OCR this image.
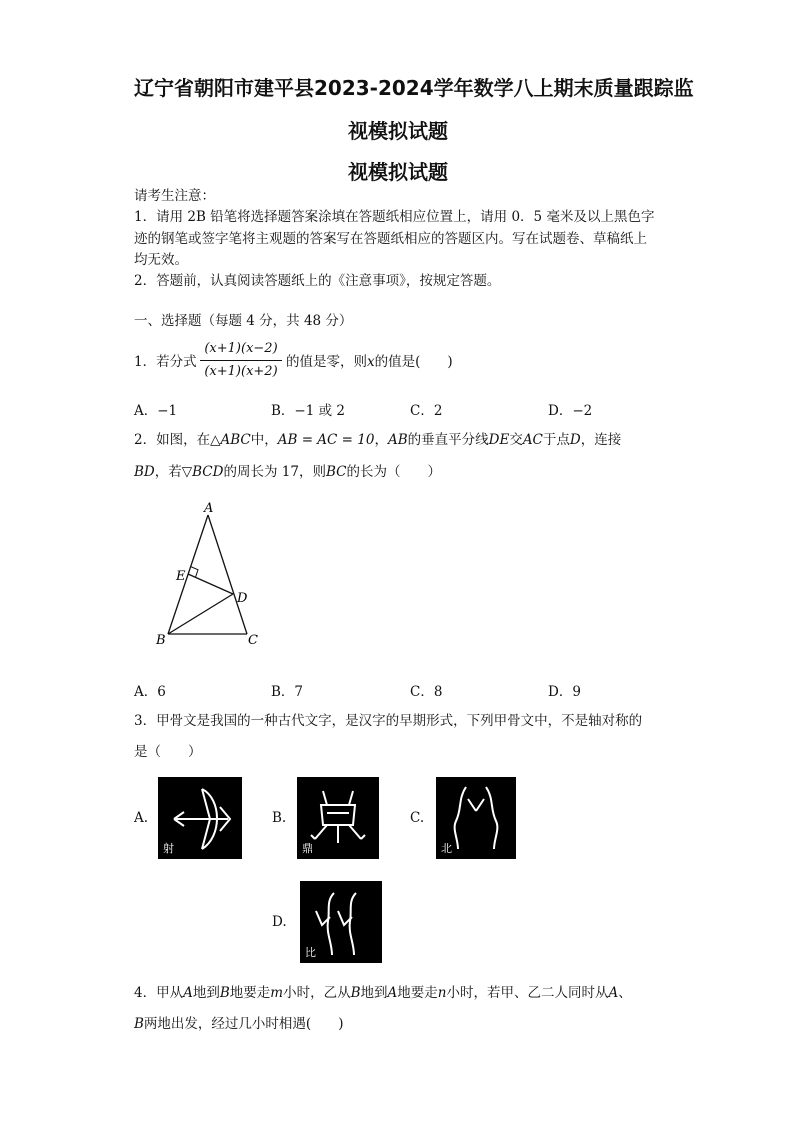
辽宁省朝阳市建平县2023-2024学年数学八上期末质量跟踪监
视模拟试题
视模拟试题
请考生注意：
1．请用 2B 铅笔将选择题答案涂填在答题纸相应位置上，请用 0．5 毫米及以上黑色字
迹的钢笔或签字笔将主观题的答案写在答题纸相应的答题区内。写在试题卷、草稿纸上
均无效。
2．答题前，认真阅读答题纸上的《注意事项》，按规定答题。
一、选择题（每题 4 分，共 48 分）
1．若分式
(x+1)(x−2)
(x+1)(x+2)
的值是零，则x的值是(　　)
A．−1	B．−1 或 2	C．2	D．−2
2．如图，在△ABC中，AB = AC = 10，AB的垂直平分线DE交AC于点D，连接
BD，若▽BCD的周长为 17，则BC的长为（　　）
A
E
D
B	C
A．6	B．7	C．8	D．9
3．甲骨文是我国的一种古代文字，是汉字的早期形式，下列甲骨文中，不是轴对称的
是（　　）
A.
射
B.
鼎
C.
北
D.
比
4．甲从A地到B地要走m小时，乙从B地到A地要走n小时，若甲、乙二人同时从A、
B两地出发，经过几小时相遇(　　)
